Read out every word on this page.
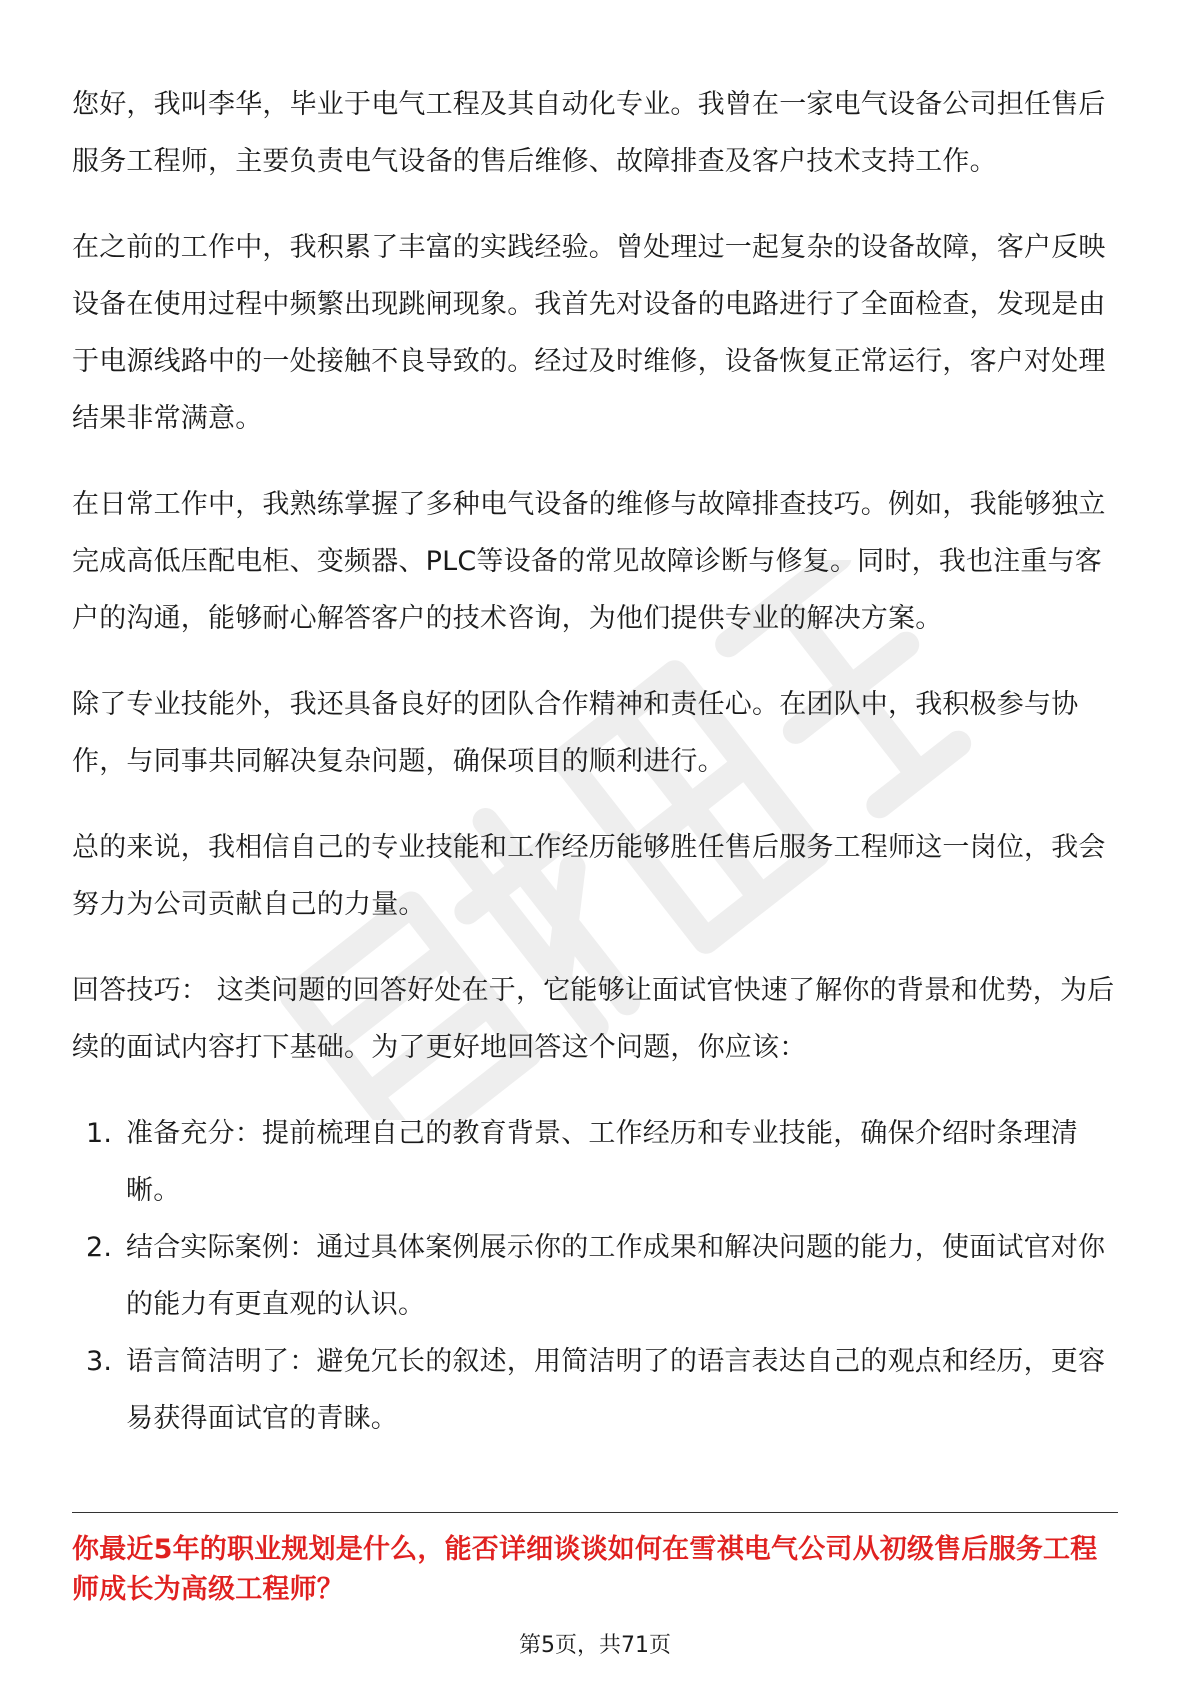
您好，我叫李华，毕业于电气工程及其自动化专业。我曾在一家电气设备公司担任售后服务工程师，主要负责电气设备的售后维修、故障排查及客户技术支持工作。

在之前的工作中，我积累了丰富的实践经验。曾处理过一起复杂的设备故障，客户反映设备在使用过程中频繁出现跳闸现象。我首先对设备的电路进行了全面检查，发现是由于电源线路中的一处接触不良导致的。经过及时维修，设备恢复正常运行，客户对处理结果非常满意。

在日常工作中，我熟练掌握了多种电气设备的维修与故障排查技巧。例如，我能够独立完成高低压配电柜、变频器、PLC等设备的常见故障诊断与修复。同时，我也注重与客户的沟通，能够耐心解答客户的技术咨询，为他们提供专业的解决方案。

除了专业技能外，我还具备良好的团队合作精神和责任心。在团队中，我积极参与协作，与同事共同解决复杂问题，确保项目的顺利进行。

总的来说，我相信自己的专业技能和工作经历能够胜任售后服务工程师这一岗位，我会努力为公司贡献自己的力量。

回答技巧： 这类问题的回答好处在于，它能够让面试官快速了解你的背景和优势，为后续的面试内容打下基础。为了更好地回答这个问题，你应该：

1. 准备充分：提前梳理自己的教育背景、工作经历和专业技能，确保介绍时条理清晰。
2. 结合实际案例：通过具体案例展示你的工作成果和解决问题的能力，使面试官对你的能力有更直观的认识。
3. 语言简洁明了：避免冗长的叙述，用简洁明了的语言表达自己的观点和经历，更容易获得面试官的青睐。
你最近5年的职业规划是什么，能否详细谈谈如何在雪祺电气公司从初级售后服务工程师成长为高级工程师？
第5页，共71页
